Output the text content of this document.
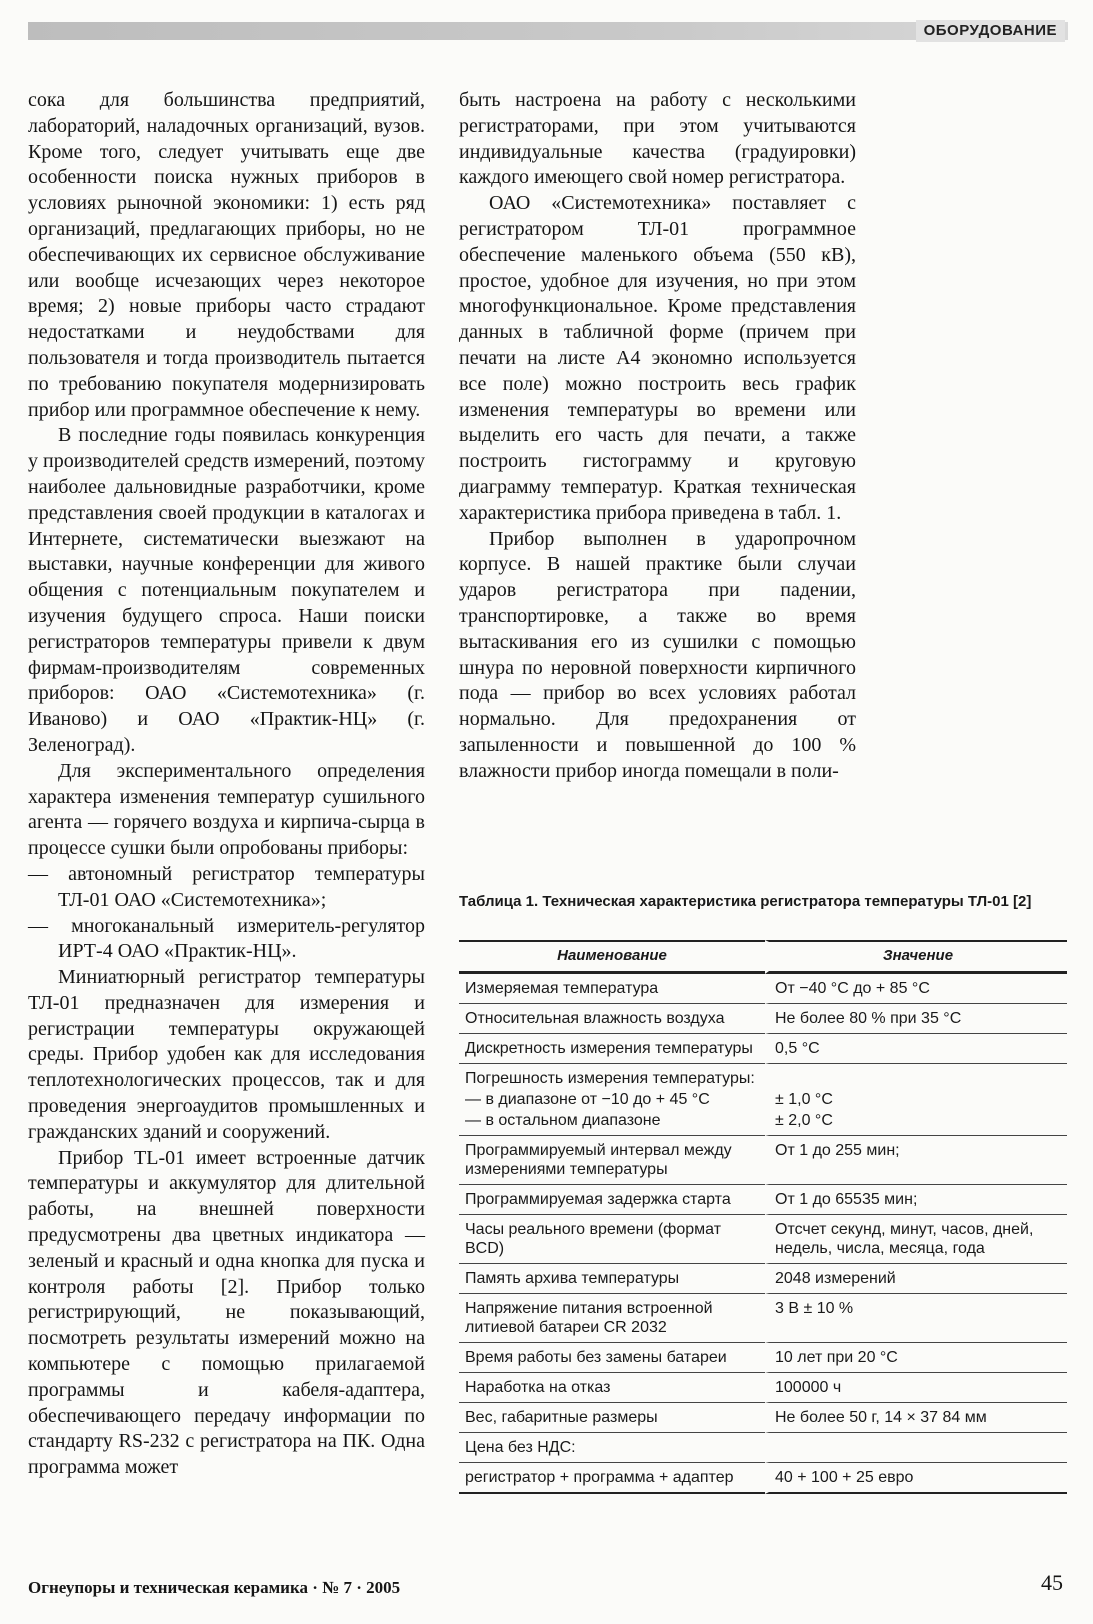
ОБОРУДОВАНИЕ

сока для большинства предприятий, лабораторий, наладочных организаций, вузов. Кроме того, следует учитывать еще две особенности поиска нужных приборов в условиях рыночной экономики: 1) есть ряд организаций, предлагающих приборы, но не обеспечивающих их сервисное обслуживание или вообще исчезающих через некоторое время; 2) новые приборы часто страдают недостатками и неудобствами для пользователя и тогда производитель пытается по требованию покупателя модернизировать прибор или программное обеспечение к нему.

В последние годы появилась конкуренция у производителей средств измерений, поэтому наиболее дальновидные разработчики, кроме представления своей продукции в каталогах и Интернете, систематически выезжают на выставки, научные конференции для живого общения с потенциальным покупателем и изучения будущего спроса. Наши поиски регистраторов температуры привели к двум фирмам-производителям современных приборов: ОАО «Системотехника» (г. Иваново) и ОАО «Практик-НЦ» (г. Зеленоград).

Для экспериментального определения характера изменения температур сушильного агента — горячего воздуха и кирпича-сырца в процессе сушки были опробованы приборы:

— автономный регистратор температуры ТЛ-01 ОАО «Системотехника»;

— многоканальный измеритель-регулятор ИРТ-4 ОАО «Практик-НЦ».

Миниатюрный регистратор температуры ТЛ-01 предназначен для измерения и регистрации температуры окружающей среды. Прибор удобен как для исследования теплотехнологических процессов, так и для проведения энергоаудитов промышленных и гражданских зданий и сооружений.

Прибор TL-01 имеет встроенные датчик температуры и аккумулятор для длительной работы, на внешней поверхности предусмотрены два цветных индикатора — зеленый и красный и одна кнопка для пуска и контроля работы [2]. Прибор только регистрирующий, не показывающий, посмотреть результаты измерений можно на компьютере с помощью прилагаемой программы и кабеля-адаптера, обеспечивающего передачу информации по стандарту RS-232 с регистратора на ПК. Одна программа может

быть настроена на работу с несколькими регистраторами, при этом учитываются индивидуальные качества (градуировки) каждого имеющего свой номер регистратора.

ОАО «Системотехника» поставляет с регистратором ТЛ-01 программное обеспечение маленького объема (550 кВ), простое, удобное для изучения, но при этом многофункциональное. Кроме представления данных в табличной форме (причем при печати на листе А4 экономно используется все поле) можно построить весь график изменения температуры во времени или выделить его часть для печати, а также построить гистограмму и круговую диаграмму температур. Краткая техническая характеристика прибора приведена в табл. 1.

Прибор выполнен в ударопрочном корпусе. В нашей практике были случаи ударов регистратора при падении, транспортировке, а также во время вытаскивания его из сушилки с помощью шнура по неровной поверхности кирпичного пода — прибор во всех условиях работал нормально. Для предохранения от запыленности и повышенной до 100 % влажности прибор иногда помещали в поли-

Таблица 1. Техническая характеристика регистратора температуры ТЛ-01 [2]
Наименование	Значение
Измеряемая температура	От −40 °С до + 85 °С
Относительная влажность воздуха	Не более 80 % при 35 °С
Дискретность измерения температуры	0,5 °С
Погрешность измерения температуры:	
— в диапазоне от −10 до + 45 °С	± 1,0 °С
— в остальном диапазоне	± 2,0 °С
Программируемый интервал между измерениями температуры	От 1 до 255 мин;
Программируемая задержка старта	От 1 до 65535 мин;
Часы реального времени (формат BCD)	Отсчет секунд, минут, часов, дней, недель, числа, месяца, года
Память архива температуры	2048 измерений
Напряжение питания встроенной литиевой батареи CR 2032	3 В ± 10 %
Время работы без замены батареи	10 лет при 20 °С
Наработка на отказ	100000 ч
Вес, габаритные размеры	Не более 50 г, 14 × 37 84 мм
Цена без НДС:	
регистратор + программа + адаптер	40 + 100 + 25 евро
Огнеупоры и техническая керамика · № 7 · 2005	45
